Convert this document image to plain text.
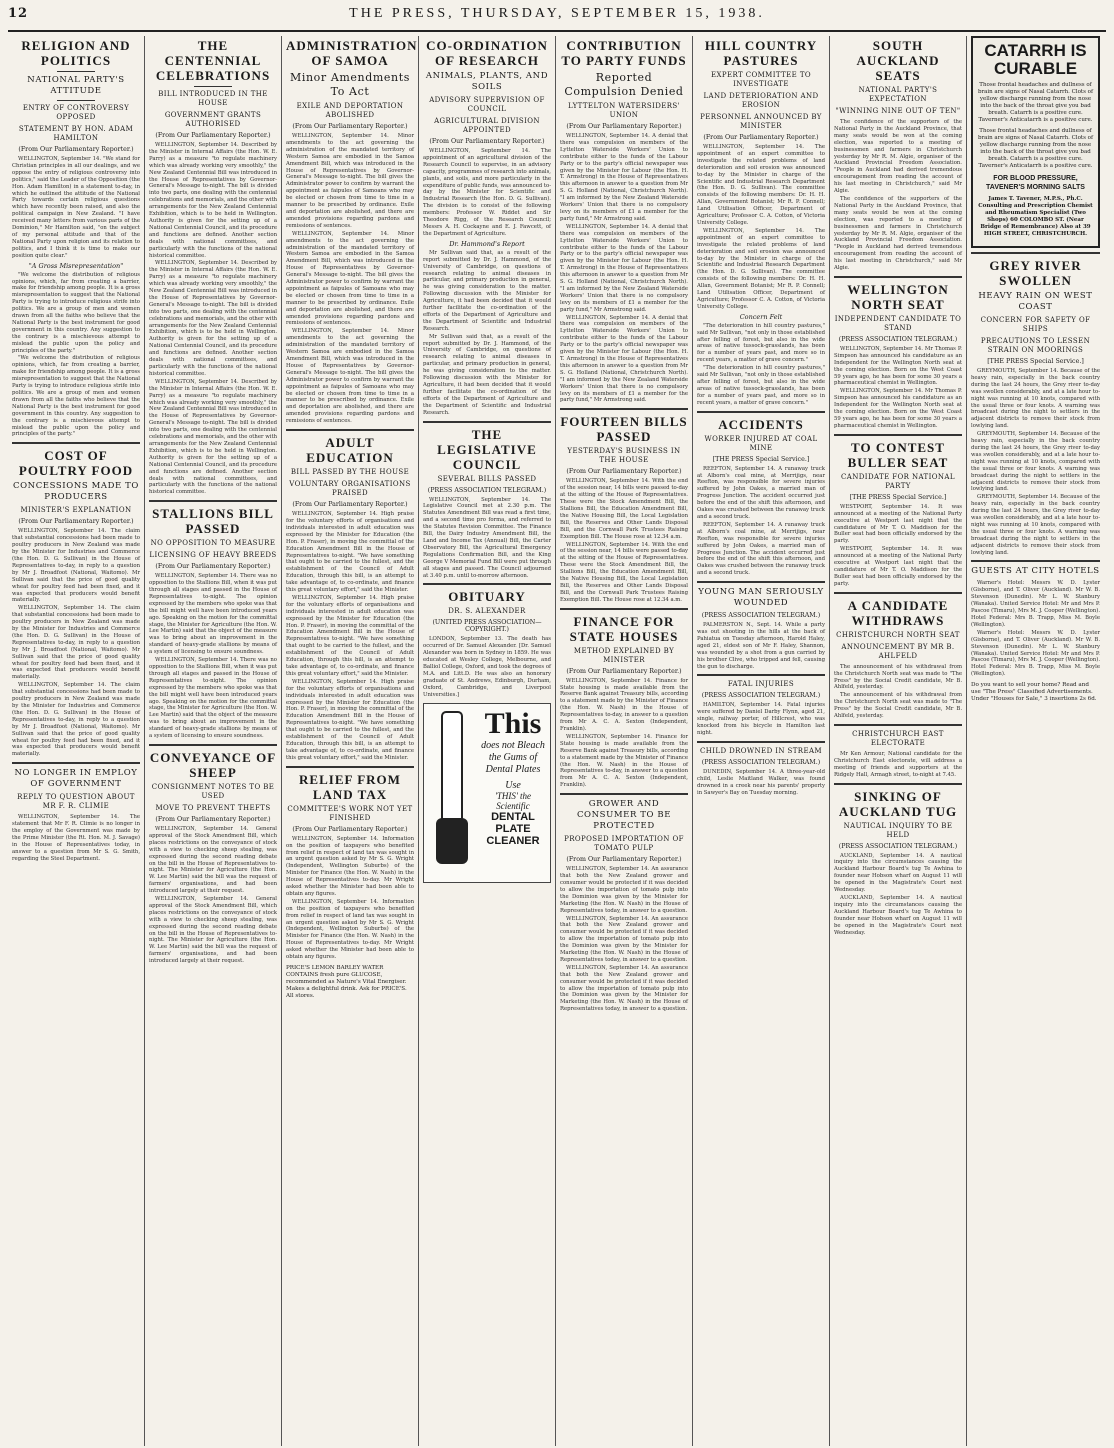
12	THE PRESS, THURSDAY, SEPTEMBER 15, 1938.
RELIGION AND POLITICS
NATIONAL PARTY'S ATTITUDE
ENTRY OF CONTROVERSY OPPOSED
STATEMENT BY HON. ADAM HAMILTON
(From Our Parliamentary Reporter.)

WELLINGTON, September 14. "We stand for Christian principles in all our dealings, and we oppose the entry of religious controversy into politics," said the Leader of the Opposition (the Hon. Adam Hamilton) in a statement to-day, in which he outlined the attitude of the National Party towards certain religious questions which have recently been raised, and also the political campaign in New Zealand. "I have received many letters from various parts of the Dominion," Mr Hamilton said, "on the subject of my personal attitude and that of the National Party upon religion and its relation to politics, and I think it is time to make our position quite clear."

"A Gross Misrepresentation"

"We welcome the distribution of religious opinions, which, far from creating a barrier, make for friendship among people. It is a gross misrepresentation to suggest that the National Party is trying to introduce religious strife into politics. We are a group of men and women drawn from all the faiths who believe that the National Party is the best instrument for good government in this country. Any suggestion to the contrary is a mischievous attempt to mislead the public upon the policy and principles of the party."

"We welcome the distribution of religious opinions, which, far from creating a barrier, make for friendship among people. It is a gross misrepresentation to suggest that the National Party is trying to introduce religious strife into politics. We are a group of men and women drawn from all the faiths who believe that the National Party is the best instrument for good government in this country. Any suggestion to the contrary is a mischievous attempt to mislead the public upon the policy and principles of the party."

COST OF POULTRY FOOD
CONCESSIONS MADE TO PRODUCERS
MINISTER'S EXPLANATION
(From Our Parliamentary Reporter.)

WELLINGTON, September 14. The claim that substantial concessions had been made to poultry producers in New Zealand was made by the Minister for Industries and Commerce (the Hon. D. G. Sullivan) in the House of Representatives to-day, in reply to a question by Mr J. Broadfoot (National, Waitomo). Mr Sullivan said that the price of good quality wheat for poultry feed had been fixed, and it was expected that producers would benefit materially.

WELLINGTON, September 14. The claim that substantial concessions had been made to poultry producers in New Zealand was made by the Minister for Industries and Commerce (the Hon. D. G. Sullivan) in the House of Representatives to-day, in reply to a question by Mr J. Broadfoot (National, Waitomo). Mr Sullivan said that the price of good quality wheat for poultry feed had been fixed, and it was expected that producers would benefit materially.

WELLINGTON, September 14. The claim that substantial concessions had been made to poultry producers in New Zealand was made by the Minister for Industries and Commerce (the Hon. D. G. Sullivan) in the House of Representatives to-day, in reply to a question by Mr J. Broadfoot (National, Waitomo). Mr Sullivan said that the price of good quality wheat for poultry feed had been fixed, and it was expected that producers would benefit materially.

NO LONGER IN EMPLOY OF GOVERNMENT
REPLY TO QUESTION ABOUT MR F. R. CLIMIE

WELLINGTON, September 14. The statement that Mr F. R. Climie is no longer in the employ of the Government was made by the Prime Minister (the Rt. Hon. M. J. Savage) in the House of Representatives today, in answer to a question from Mr S. G. Smith, regarding the Steel Department.

THE CENTENNIAL CELEBRATIONS
BILL INTRODUCED IN THE HOUSE
GOVERNMENT GRANTS AUTHORISED
(From Our Parliamentary Reporter.)

WELLINGTON, September 14. Described by the Minister in Internal Affairs (the Hon. W. E. Parry) as a measure "to regulate machinery which was already working very smoothly," the New Zealand Centennial Bill was introduced in the House of Representatives by Governor-General's Message to-night. The bill is divided into two parts, one dealing with the centennial celebrations and memorials, and the other with arrangements for the New Zealand Centennial Exhibition, which is to be held in Wellington. Authority is given for the setting up of a National Centennial Council, and its procedure and functions are defined. Another section deals with national committees, and particularly with the functions of the national historical committee.

WELLINGTON, September 14. Described by the Minister in Internal Affairs (the Hon. W. E. Parry) as a measure "to regulate machinery which was already working very smoothly," the New Zealand Centennial Bill was introduced in the House of Representatives by Governor-General's Message to-night. The bill is divided into two parts, one dealing with the centennial celebrations and memorials, and the other with arrangements for the New Zealand Centennial Exhibition, which is to be held in Wellington. Authority is given for the setting up of a National Centennial Council, and its procedure and functions are defined. Another section deals with national committees, and particularly with the functions of the national historical committee.

WELLINGTON, September 14. Described by the Minister in Internal Affairs (the Hon. W. E. Parry) as a measure "to regulate machinery which was already working very smoothly," the New Zealand Centennial Bill was introduced in the House of Representatives by Governor-General's Message to-night. The bill is divided into two parts, one dealing with the centennial celebrations and memorials, and the other with arrangements for the New Zealand Centennial Exhibition, which is to be held in Wellington. Authority is given for the setting up of a National Centennial Council, and its procedure and functions are defined. Another section deals with national committees, and particularly with the functions of the national historical committee.

STALLIONS BILL PASSED
NO OPPOSITION TO MEASURE
LICENSING OF HEAVY BREEDS
(From Our Parliamentary Reporter.)

WELLINGTON, September 14. There was no opposition to the Stallions Bill, when it was put through all stages and passed in the House of Representatives to-night. The opinion expressed by the members who spoke was that the bill might well have been introduced years ago. Speaking on the motion for the committal stage, the Minister for Agriculture (the Hon. W. Lee Martin) said that the object of the measure was to bring about an improvement in the standard of heavy-grade stallions by means of a system of licensing to ensure soundness.

WELLINGTON, September 14. There was no opposition to the Stallions Bill, when it was put through all stages and passed in the House of Representatives to-night. The opinion expressed by the members who spoke was that the bill might well have been introduced years ago. Speaking on the motion for the committal stage, the Minister for Agriculture (the Hon. W. Lee Martin) said that the object of the measure was to bring about an improvement in the standard of heavy-grade stallions by means of a system of licensing to ensure soundness.

CONVEYANCE OF SHEEP
CONSIGNMENT NOTES TO BE USED
MOVE TO PREVENT THEFTS
(From Our Parliamentary Reporter.)

WELLINGTON, September 14. General approval of the Stock Amendment Bill, which places restrictions on the conveyance of stock with a view to checking sheep stealing, was expressed during the second reading debate on the bill in the House of Representatives to-night. The Minister for Agriculture (the Hon. W. Lee Martin) said the bill was the request of farmers' organisations, and had been introduced largely at their request.

WELLINGTON, September 14. General approval of the Stock Amendment Bill, which places restrictions on the conveyance of stock with a view to checking sheep stealing, was expressed during the second reading debate on the bill in the House of Representatives to-night. The Minister for Agriculture (the Hon. W. Lee Martin) said the bill was the request of farmers' organisations, and had been introduced largely at their request.

ADMINISTRATION OF SAMOA
Minor Amendments To Act
EXILE AND DEPORTATION ABOLISHED
(From Our Parliamentary Reporter.)

WELLINGTON, September 14. Minor amendments to the act governing the administration of the mandated territory of Western Samoa are embodied in the Samoa Amendment Bill, which was introduced in the House of Representatives by Governor-General's Message to-night. The bill gives the Administrator power to confirm by warrant the appointment as faipules of Samoans who may be elected or chosen from time to time in a manner to be prescribed by ordinance. Exile and deportation are abolished, and there are amended provisions regarding pardons and remissions of sentences.

WELLINGTON, September 14. Minor amendments to the act governing the administration of the mandated territory of Western Samoa are embodied in the Samoa Amendment Bill, which was introduced in the House of Representatives by Governor-General's Message to-night. The bill gives the Administrator power to confirm by warrant the appointment as faipules of Samoans who may be elected or chosen from time to time in a manner to be prescribed by ordinance. Exile and deportation are abolished, and there are amended provisions regarding pardons and remissions of sentences.

WELLINGTON, September 14. Minor amendments to the act governing the administration of the mandated territory of Western Samoa are embodied in the Samoa Amendment Bill, which was introduced in the House of Representatives by Governor-General's Message to-night. The bill gives the Administrator power to confirm by warrant the appointment as faipules of Samoans who may be elected or chosen from time to time in a manner to be prescribed by ordinance. Exile and deportation are abolished, and there are amended provisions regarding pardons and remissions of sentences.

ADULT EDUCATION
BILL PASSED BY THE HOUSE
VOLUNTARY ORGANISATIONS PRAISED
(From Our Parliamentary Reporter.)

WELLINGTON, September 14. High praise for the voluntary efforts of organisations and individuals interested in adult education was expressed by the Minister for Education (the Hon. P. Fraser), in moving the committal of the Education Amendment Bill in the House of Representatives to-night. "We have something that ought to be carried to the fullest, and the establishment of the Council of Adult Education, through this bill, is an attempt to take advantage of, to co-ordinate, and finance this great voluntary effort," said the Minister.

WELLINGTON, September 14. High praise for the voluntary efforts of organisations and individuals interested in adult education was expressed by the Minister for Education (the Hon. P. Fraser), in moving the committal of the Education Amendment Bill in the House of Representatives to-night. "We have something that ought to be carried to the fullest, and the establishment of the Council of Adult Education, through this bill, is an attempt to take advantage of, to co-ordinate, and finance this great voluntary effort," said the Minister.

WELLINGTON, September 14. High praise for the voluntary efforts of organisations and individuals interested in adult education was expressed by the Minister for Education (the Hon. P. Fraser), in moving the committal of the Education Amendment Bill in the House of Representatives to-night. "We have something that ought to be carried to the fullest, and the establishment of the Council of Adult Education, through this bill, is an attempt to take advantage of, to co-ordinate, and finance this great voluntary effort," said the Minister.

RELIEF FROM LAND TAX
COMMITTEE'S WORK NOT YET FINISHED
(From Our Parliamentary Reporter.)

WELLINGTON, September 14. Information on the position of taxpayers who benefited from relief in respect of land tax was sought in an urgent question asked by Mr S. G. Wright (Independent, Wellington Suburbs) of the Minister for Finance (the Hon. W. Nash) in the House of Representatives to-day. Mr Wright asked whether the Minister had been able to obtain any figures.

WELLINGTON, September 14. Information on the position of taxpayers who benefited from relief in respect of land tax was sought in an urgent question asked by Mr S. G. Wright (Independent, Wellington Suburbs) of the Minister for Finance (the Hon. W. Nash) in the House of Representatives to-day. Mr Wright asked whether the Minister had been able to obtain any figures.

PRICE'S LEMON BARLEY WATER CONTAINS fresh pure GLUCOSE, recommended as Nature's Vital Energiser. Makes a delightful drink. Ask for PRICE'S. All stores.
CO-ORDINATION OF RESEARCH
ANIMALS, PLANTS, AND SOILS
ADVISORY SUPERVISION OF COUNCIL
AGRICULTURAL DIVISION APPOINTED
(From Our Parliamentary Reporter.)

WELLINGTON, September 14. The appointment of an agricultural division of the Research Council to supervise, in an advisory capacity, programmes of research into animals, plants, and soils, and more particularly in the expenditure of public funds, was announced to-day by the Minister for Scientific and Industrial Research (the Hon. D. G. Sullivan). The division is to consist of the following members: Professor W. Riddet and Sir Theodore Rigg, of the Research Council; Messrs A. H. Cockayne and E. J. Fawcett, of the Department of Agriculture.

Dr. Hammond's Report

Mr Sullivan said that, as a result of the report submitted by Dr. J. Hammond, of the University of Cambridge, on questions of research relating to animal diseases in particular, and primary production in general, he was giving consideration to the matter. Following discussion with the Minister for Agriculture, it had been decided that it would further facilitate the co-ordination of the efforts of the Department of Agriculture and the Department of Scientific and Industrial Research.

Mr Sullivan said that, as a result of the report submitted by Dr. J. Hammond, of the University of Cambridge, on questions of research relating to animal diseases in particular, and primary production in general, he was giving consideration to the matter. Following discussion with the Minister for Agriculture, it had been decided that it would further facilitate the co-ordination of the efforts of the Department of Agriculture and the Department of Scientific and Industrial Research.

THE LEGISLATIVE COUNCIL
SEVERAL BILLS PASSED
(PRESS ASSOCIATION TELEGRAM.)

WELLINGTON, September 14. The Legislative Council met at 2.30 p.m. The Statutes Amendment Bill was read a first time, and a second time pro forma, and referred to the Statutes Revision Committee. The Finance Bill, the Dairy Industry Amendment Bill, the Land and Income Tax (Annual) Bill, the Carter Observatory Bill, the Agricultural Emergency Regulations Confirmation Bill, and the King George V Memorial Fund Bill were put through all stages and passed. The Council adjourned at 3.40 p.m. until to-morrow afternoon.

OBITUARY
DR. S. ALEXANDER
(UNITED PRESS ASSOCIATION—COPYRIGHT.)

LONDON, September 13. The death has occurred of Dr. Samuel Alexander. [Dr. Samuel Alexander was born in Sydney in 1859. He was educated at Wesley College, Melbourne, and Balliol College, Oxford, and took the degrees of M.A. and Litt.D. He was also an honorary graduate of St. Andrews, Edinburgh, Durham, Oxford, Cambridge, and Liverpool Universities.]

This
does not Bleach the Gums of Dental Plates
Use
'THIS' the Scientific
DENTAL PLATE CLEANER
CONTRIBUTION TO PARTY FUNDS
Reported Compulsion Denied
LYTTELTON WATERSIDERS' UNION
(From Our Parliamentary Reporter.)

WELLINGTON, September 14. A denial that there was compulsion on members of the Lyttelton Waterside Workers' Union to contribute either to the funds of the Labour Party or to the party's official newspaper was given by the Minister for Labour (the Hon. H. T. Armstrong) in the House of Representatives this afternoon in answer to a question from Mr S. G. Holland (National, Christchurch North). "I am informed by the New Zealand Waterside Workers' Union that there is no compulsory levy on its members of £1 a member for the party fund," Mr Armstrong said.

WELLINGTON, September 14. A denial that there was compulsion on members of the Lyttelton Waterside Workers' Union to contribute either to the funds of the Labour Party or to the party's official newspaper was given by the Minister for Labour (the Hon. H. T. Armstrong) in the House of Representatives this afternoon in answer to a question from Mr S. G. Holland (National, Christchurch North). "I am informed by the New Zealand Waterside Workers' Union that there is no compulsory levy on its members of £1 a member for the party fund," Mr Armstrong said.

WELLINGTON, September 14. A denial that there was compulsion on members of the Lyttelton Waterside Workers' Union to contribute either to the funds of the Labour Party or to the party's official newspaper was given by the Minister for Labour (the Hon. H. T. Armstrong) in the House of Representatives this afternoon in answer to a question from Mr S. G. Holland (National, Christchurch North). "I am informed by the New Zealand Waterside Workers' Union that there is no compulsory levy on its members of £1 a member for the party fund," Mr Armstrong said.

FOURTEEN BILLS PASSED
YESTERDAY'S BUSINESS IN THE HOUSE
(From Our Parliamentary Reporter.)

WELLINGTON, September 14. With the end of the session near, 14 bills were passed to-day at the sitting of the House of Representatives. These were the Stock Amendment Bill, the Stallions Bill, the Education Amendment Bill, the Native Housing Bill, the Local Legislation Bill, the Reserves and Other Lands Disposal Bill, and the Cornwall Park Trustees Raising Exemption Bill. The House rose at 12.34 a.m.

WELLINGTON, September 14. With the end of the session near, 14 bills were passed to-day at the sitting of the House of Representatives. These were the Stock Amendment Bill, the Stallions Bill, the Education Amendment Bill, the Native Housing Bill, the Local Legislation Bill, the Reserves and Other Lands Disposal Bill, and the Cornwall Park Trustees Raising Exemption Bill. The House rose at 12.34 a.m.

FINANCE FOR STATE HOUSES
METHOD EXPLAINED BY MINISTER
(From Our Parliamentary Reporter.)

WELLINGTON, September 14. Finance for State housing is made available from the Reserve Bank against Treasury bills, according to a statement made by the Minister of Finance (the Hon. W. Nash) in the House of Representatives to-day, in answer to a question from Mr A. C. A. Sexton (Independent, Franklin).

WELLINGTON, September 14. Finance for State housing is made available from the Reserve Bank against Treasury bills, according to a statement made by the Minister of Finance (the Hon. W. Nash) in the House of Representatives to-day, in answer to a question from Mr A. C. A. Sexton (Independent, Franklin).

GROWER AND CONSUMER TO BE PROTECTED
PROPOSED IMPORTATION OF TOMATO PULP
(From Our Parliamentary Reporter.)

WELLINGTON, September 14. An assurance that both the New Zealand grower and consumer would be protected if it was decided to allow the importation of tomato pulp into the Dominion was given by the Minister for Marketing (the Hon. W. Nash) in the House of Representatives today, in answer to a question.

WELLINGTON, September 14. An assurance that both the New Zealand grower and consumer would be protected if it was decided to allow the importation of tomato pulp into the Dominion was given by the Minister for Marketing (the Hon. W. Nash) in the House of Representatives today, in answer to a question.

WELLINGTON, September 14. An assurance that both the New Zealand grower and consumer would be protected if it was decided to allow the importation of tomato pulp into the Dominion was given by the Minister for Marketing (the Hon. W. Nash) in the House of Representatives today, in answer to a question.

HILL COUNTRY PASTURES
EXPERT COMMITTEE TO INVESTIGATE
LAND DETERIORATION AND EROSION
PERSONNEL ANNOUNCED BY MINISTER
(From Our Parliamentary Reporter.)

WELLINGTON, September 14. The appointment of an expert committee to investigate the related problems of land deterioration and soil erosion was announced to-day by the Minister in charge of the Scientific and Industrial Research Department (the Hon. D. G. Sullivan). The committee consists of the following members: Dr. H. H. Allan, Government Botanist; Mr R. P. Connell; Land Utilisation Officer, Department of Agriculture; Professor C. A. Cotton, of Victoria University College.

WELLINGTON, September 14. The appointment of an expert committee to investigate the related problems of land deterioration and soil erosion was announced to-day by the Minister in charge of the Scientific and Industrial Research Department (the Hon. D. G. Sullivan). The committee consists of the following members: Dr. H. H. Allan, Government Botanist; Mr R. P. Connell; Land Utilisation Officer, Department of Agriculture; Professor C. A. Cotton, of Victoria University College.

Concern Felt

"The deterioration in hill country pastures," said Mr Sullivan, "not only in those established after felling of forest, but also in the wide areas of native tussock-grasslands, has been for a number of years past, and more so in recent years, a matter of grave concern."

"The deterioration in hill country pastures," said Mr Sullivan, "not only in those established after felling of forest, but also in the wide areas of native tussock-grasslands, has been for a number of years past, and more so in recent years, a matter of grave concern."

ACCIDENTS
WORKER INJURED AT COAL MINE
[THE PRESS Special Service.]

REEFTON, September 14. A runaway truck at Alborn's coal mine, at Merrijigs, near Reefton, was responsible for severe injuries suffered by John Oakes, a married man of Progress Junction. The accident occurred just before the end of the shift this afternoon, and Oakes was crushed between the runaway truck and a second truck.

REEFTON, September 14. A runaway truck at Alborn's coal mine, at Merrijigs, near Reefton, was responsible for severe injuries suffered by John Oakes, a married man of Progress Junction. The accident occurred just before the end of the shift this afternoon, and Oakes was crushed between the runaway truck and a second truck.

YOUNG MAN SERIOUSLY WOUNDED
(PRESS ASSOCIATION TELEGRAM.)

PALMERSTON N., Sept. 14. While a party was out shooting in the hills at the back of Pahiatua on Tuesday afternoon, Harold Haley, aged 21, eldest son of Mr F. Haley, Shannon, was wounded by a shot from a gun carried by his brother Clive, who tripped and fell, causing the gun to discharge.

FATAL INJURIES
(PRESS ASSOCIATION TELEGRAM.)

HAMILTON, September 14. Fatal injuries were suffered by Daniel Darby Flynn, aged 21, single, railway porter, of Hillcrest, who was knocked from his bicycle in Hamilton last night.

CHILD DROWNED IN STREAM
(PRESS ASSOCIATION TELEGRAM.)

DUNEDIN, September 14. A three-year-old child, Leslie Maitland Walker, was found drowned in a creek near his parents' property in Sawyer's Bay on Tuesday morning.

SOUTH AUCKLAND SEATS
NATIONAL PARTY'S EXPECTATION
"WINNING NINE OUT OF TEN"

The confidence of the supporters of the National Party in the Auckland Province, that many seats would be won at the coming election, was reported to a meeting of businessmen and farmers in Christchurch yesterday by Mr R. M. Algie, organiser of the Auckland Provincial Freedom Association. "People in Auckland had derived tremendous encouragement from reading the account of his last meeting in Christchurch," said Mr Algie.

The confidence of the supporters of the National Party in the Auckland Province, that many seats would be won at the coming election, was reported to a meeting of businessmen and farmers in Christchurch yesterday by Mr R. M. Algie, organiser of the Auckland Provincial Freedom Association. "People in Auckland had derived tremendous encouragement from reading the account of his last meeting in Christchurch," said Mr Algie.

WELLINGTON NORTH SEAT
INDEPENDENT CANDIDATE TO STAND
(PRESS ASSOCIATION TELEGRAM.)

WELLINGTON, September 14. Mr Thomas P. Simpson has announced his candidature as an Independent for the Wellington North seat at the coming election. Born on the West Coast 59 years ago, he has been for some 30 years a pharmaceutical chemist in Wellington.

WELLINGTON, September 14. Mr Thomas P. Simpson has announced his candidature as an Independent for the Wellington North seat at the coming election. Born on the West Coast 59 years ago, he has been for some 30 years a pharmaceutical chemist in Wellington.

TO CONTEST BULLER SEAT
CANDIDATE FOR NATIONAL PARTY
[THE PRESS Special Service.]

WESTPORT, September 14. It was announced at a meeting of the National Party executive at Westport last night that the candidature of Mr T. O. Maddison for the Buller seat had been officially endorsed by the party.

WESTPORT, September 14. It was announced at a meeting of the National Party executive at Westport last night that the candidature of Mr T. O. Maddison for the Buller seat had been officially endorsed by the party.

A CANDIDATE WITHDRAWS
CHRISTCHURCH NORTH SEAT
ANNOUNCEMENT BY MR B. AHLFELD

The announcement of his withdrawal from the Christchurch North seat was made to "The Press" by the Social Credit candidate, Mr B. Ahlfeld, yesterday.

The announcement of his withdrawal from the Christchurch North seat was made to "The Press" by the Social Credit candidate, Mr B. Ahlfeld, yesterday.

CHRISTCHURCH EAST ELECTORATE

Mr Ken Armour, National candidate for the Christchurch East electorate, will address a meeting of friends and supporters at the Ridgely Hall, Armagh street, to-night at 7.45.

SINKING OF AUCKLAND TUG
NAUTICAL INQUIRY TO BE HELD
(PRESS ASSOCIATION TELEGRAM.)

AUCKLAND, September 14. A nautical inquiry into the circumstances causing the Auckland Harbour Board's tug Te Awhina to founder near Hobson wharf on August 11 will be opened in the Magistrate's Court next Wednesday.

AUCKLAND, September 14. A nautical inquiry into the circumstances causing the Auckland Harbour Board's tug Te Awhina to founder near Hobson wharf on August 11 will be opened in the Magistrate's Court next Wednesday.

CATARRH IS CURABLE
Those frontal headaches and dullness of brain are signs of Nasal Catarrh. Clots of yellow discharge running from the nose into the back of the throat give you bad breath. Catarrh is a positive cure. Taverner's Anticatarrh is a positive cure.
Those frontal headaches and dullness of brain are signs of Nasal Catarrh. Clots of yellow discharge running from the nose into the back of the throat give you bad breath. Catarrh is a positive cure. Taverner's Anticatarrh is a positive cure.
FOR BLOOD PRESSURE, TAVENER'S MORNING SALTS
James T. Tavener, M.P.S., Ph.C. Consulting and Prescription Chemist and Rheumatism Specialist (Two Shops) 60 COLOMBO ST. (Near Bridge of Remembrance) Also at 39 HIGH STREET, CHRISTCHURCH.
GREY RIVER SWOLLEN
HEAVY RAIN ON WEST COAST
CONCERN FOR SAFETY OF SHIPS
PRECAUTIONS TO LESSEN STRAIN ON MOORINGS
[THE PRESS Special Service.]

GREYMOUTH, September 14. Because of the heavy rain, especially in the back country during the last 24 hours, the Grey river to-day was swollen considerably, and at a late hour to-night was running at 10 knots, compared with the usual three or four knots. A warning was broadcast during the night to settlers in the adjacent districts to remove their stock from lowlying land.

GREYMOUTH, September 14. Because of the heavy rain, especially in the back country during the last 24 hours, the Grey river to-day was swollen considerably, and at a late hour to-night was running at 10 knots, compared with the usual three or four knots. A warning was broadcast during the night to settlers in the adjacent districts to remove their stock from lowlying land.

GREYMOUTH, September 14. Because of the heavy rain, especially in the back country during the last 24 hours, the Grey river to-day was swollen considerably, and at a late hour to-night was running at 10 knots, compared with the usual three or four knots. A warning was broadcast during the night to settlers in the adjacent districts to remove their stock from lowlying land.

GUESTS AT CITY HOTELS

Warner's Hotel: Messrs W. D. Lyster (Gisborne), and T. Oliver (Auckland). Mr W. B. Stevenson (Dunedin). Mr L. W. Stanbury (Wanaka). United Service Hotel: Mr and Mrs P. Pascoe (Timaru), Mrs M. J. Cooper (Wellington). Hotel Federal: Mrs B. Trapp, Miss M. Boyle (Wellington).

Warner's Hotel: Messrs W. D. Lyster (Gisborne), and T. Oliver (Auckland). Mr W. B. Stevenson (Dunedin). Mr L. W. Stanbury (Wanaka). United Service Hotel: Mr and Mrs P. Pascoe (Timaru), Mrs M. J. Cooper (Wellington). Hotel Federal: Mrs B. Trapp, Miss M. Boyle (Wellington).

Do you want to sell your home? Read and use "The Press" Classified Advertisements. Under "Houses for Sale," 3 insertions 2s 6d.
